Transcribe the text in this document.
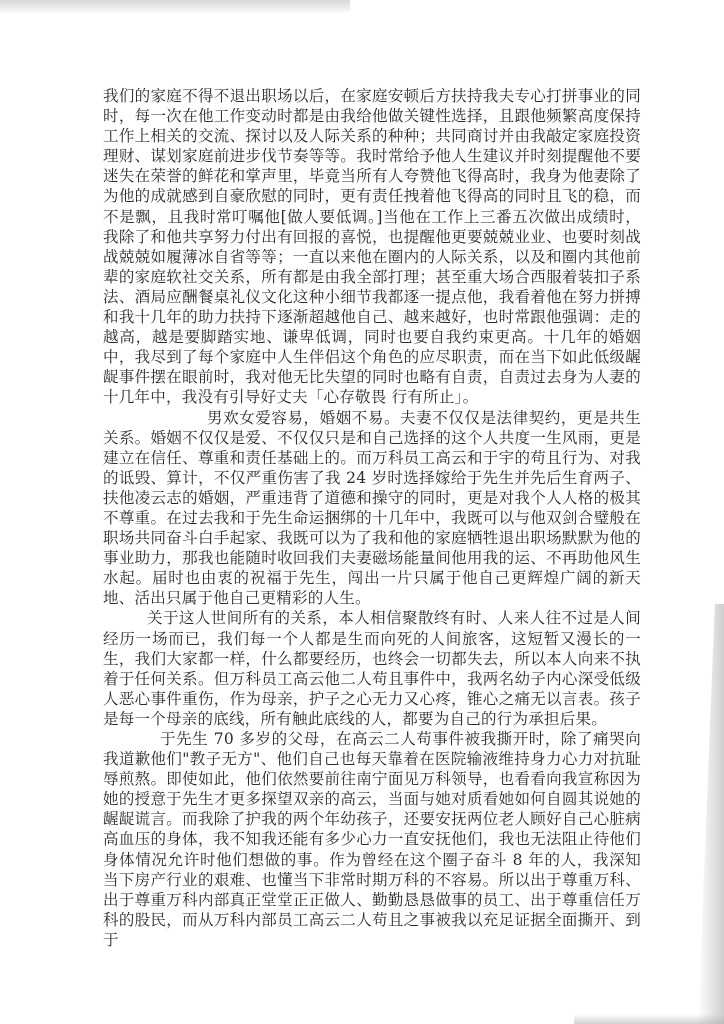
我们的家庭不得不退出职场以后，在家庭安顿后方扶持我夫专心打拼事业的同时，每一次在他工作变动时都是由我给他做关键性选择，且跟他频繁高度保持工作上相关的交流、探讨以及人际关系的种种；共同商讨并由我敲定家庭投资理财、谋划家庭前进步伐节奏等等。我时常给予他人生建议并时刻提醒他不要迷失在荣誉的鲜花和掌声里，毕竟当所有人夸赞他飞得高时，我身为他妻除了为他的成就感到自豪欣慰的同时，更有责任拽着他飞得高的同时且飞的稳，而不是飘，且我时常叮嘱他[做人要低调。]当他在工作上三番五次做出成绩时，我除了和他共享努力付出有回报的喜悦，也提醒他更要兢兢业业、也要时刻战战兢兢如履薄冰自省等等；一直以来他在圈内的人际关系，以及和圈内其他前辈的家庭软社交关系，所有都是由我全部打理；甚至重大场合西服着装扣子系法、酒局应酬餐桌礼仪文化这种小细节我都逐一提点他，我看着他在努力拼搏和我十几年的助力扶持下逐渐超越他自己、越来越好，也时常跟他强调：走的越高，越是要脚踏实地、谦卑低调，同时也要自我约束更高。十几年的婚姻中，我尽到了每个家庭中人生伴侣这个角色的应尽职责，而在当下如此低级龌龊事件摆在眼前时，我对他无比失望的同时也略有自责，自责过去身为人妻的十几年中，我没有引导好丈夫「心存敬畏 行有所止」。

男欢女爱容易，婚姻不易。夫妻不仅仅是法律契约，更是共生关系。婚姻不仅仅是爱、不仅仅只是和自己选择的这个人共度一生风雨，更是建立在信任、尊重和责任基础上的。而万科员工高云和于宇的苟且行为、对我的诋毁、算计，不仅严重伤害了我 24 岁时选择嫁给于先生并先后生育两子、扶他凌云志的婚姻，严重违背了道德和操守的同时，更是对我个人人格的极其不尊重。在过去我和于先生命运捆绑的十几年中，我既可以与他双剑合璧般在职场共同奋斗白手起家、我既可以为了我和他的家庭牺牲退出职场默默为他的事业助力，那我也能随时收回我们夫妻磁场能量间他用我的运、不再助他风生水起。届时也由衷的祝福于先生，闯出一片只属于他自己更辉煌广阔的新天地、活出只属于他自己更精彩的人生。

关于这人世间所有的关系，本人相信聚散终有时、人来人往不过是人间经历一场而已，我们每一个人都是生而向死的人间旅客，这短暂又漫长的一生，我们大家都一样，什么都要经历，也终会一切都失去，所以本人向来不执着于任何关系。但万科员工高云他二人苟且事件中，我两名幼子内心深受低级人恶心事件重伤，作为母亲，护子之心无力又心疼，锥心之痛无以言表。孩子是每一个母亲的底线，所有触此底线的人，都要为自己的行为承担后果。

于先生 70 多岁的父母，在高云二人苟事件被我撕开时，除了痛哭向我道歉他们"教子无方"、他们自己也每天靠着在医院输液维持身力心力对抗耻辱煎熬。即使如此，他们依然要前往南宁面见万科领导，也看看向我宣称因为她的授意于先生才更多探望双亲的高云，当面与她对质看她如何自圆其说她的龌龊谎言。而我除了护我的两个年幼孩子，还要安抚两位老人顾好自己心脏病高血压的身体，我不知我还能有多少心力一直安抚他们，我也无法阻止待他们身体情况允许时他们想做的事。作为曾经在这个圈子奋斗 8 年的人，我深知当下房产行业的艰难、也懂当下非常时期万科的不容易。所以出于尊重万科、出于尊重万科内部真正堂堂正正做人、勤勤恳恳做事的员工、出于尊重信任万科的股民，而从万科内部员工高云二人苟且之事被我以充足证据全面撕开、到于
